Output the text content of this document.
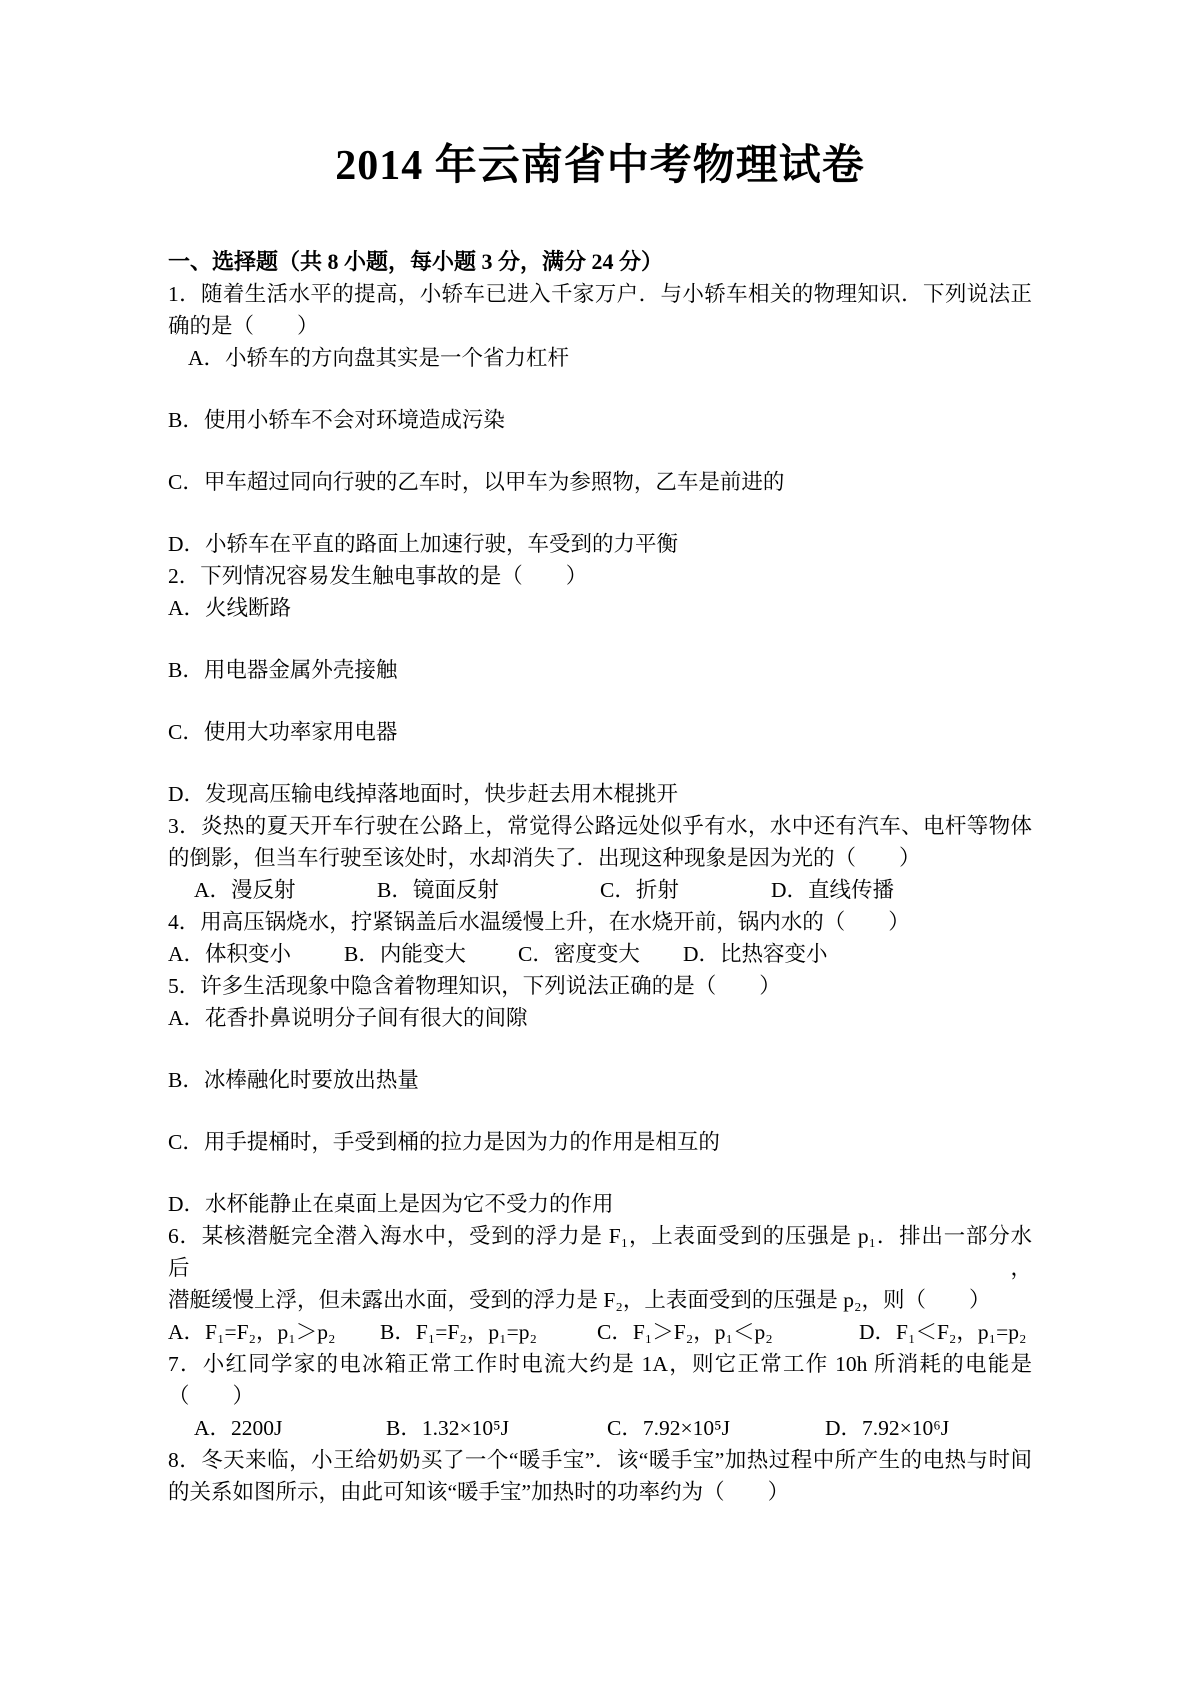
2014 年云南省中考物理试卷
一、选择题（共 8 小题，每小题 3 分，满分 24 分）
1．随着生活水平的提高，小轿车已进入千家万户．与小轿车相关的物理知识．下列说法正
确的是（　　）
A．小轿车的方向盘其实是一个省力杠杆
B．使用小轿车不会对环境造成污染
C．甲车超过同向行驶的乙车时，以甲车为参照物，乙车是前进的
D．小轿车在平直的路面上加速行驶，车受到的力平衡
2．下列情况容易发生触电事故的是（　　）
A．火线断路
B．用电器金属外壳接触
C．使用大功率家用电器
D．发现高压输电线掉落地面时，快步赶去用木棍挑开
3．炎热的夏天开车行驶在公路上，常觉得公路远处似乎有水，水中还有汽车、电杆等物体
的倒影，但当车行驶至该处时，水却消失了．出现这种现象是因为光的（　　）
A．漫反射	B．镜面反射	C．折射	D．直线传播
4．用高压锅烧水，拧紧锅盖后水温缓慢上升，在水烧开前，锅内水的（　　）
A．体积变小 B．内能变大 C．密度变大 D．比热容变小
5．许多生活现象中隐含着物理知识，下列说法正确的是（　　）
A．花香扑鼻说明分子间有很大的间隙
B．冰棒融化时要放出热量
C．用手提桶时，手受到桶的拉力是因为力的作用是相互的
D．水杯能静止在桌面上是因为它不受力的作用
6．某核潜艇完全潜入海水中，受到的浮力是 F₁，上表面受到的压强是 p₁．排出一部分水后，
潜艇缓慢上浮，但未露出水面，受到的浮力是 F₂，上表面受到的压强是 p₂，则（　　）
A．F₁=F₂，p₁＞p₂ B．F₁=F₂，p₁=p₂	C．F₁＞F₂，p₁＜p₂	D．F₁＜F₂，p₁=p₂
7．小红同学家的电冰箱正常工作时电流大约是 1A，则它正常工作 10h 所消耗的电能是
（　　）
A．2200J	B．1.32×10⁵J	C．7.92×10⁵J	D．7.92×10⁶J
8．冬天来临，小王给奶奶买了一个“暖手宝”．该“暖手宝”加热过程中所产生的电热与时间
的关系如图所示，由此可知该“暖手宝”加热时的功率约为（　　）
